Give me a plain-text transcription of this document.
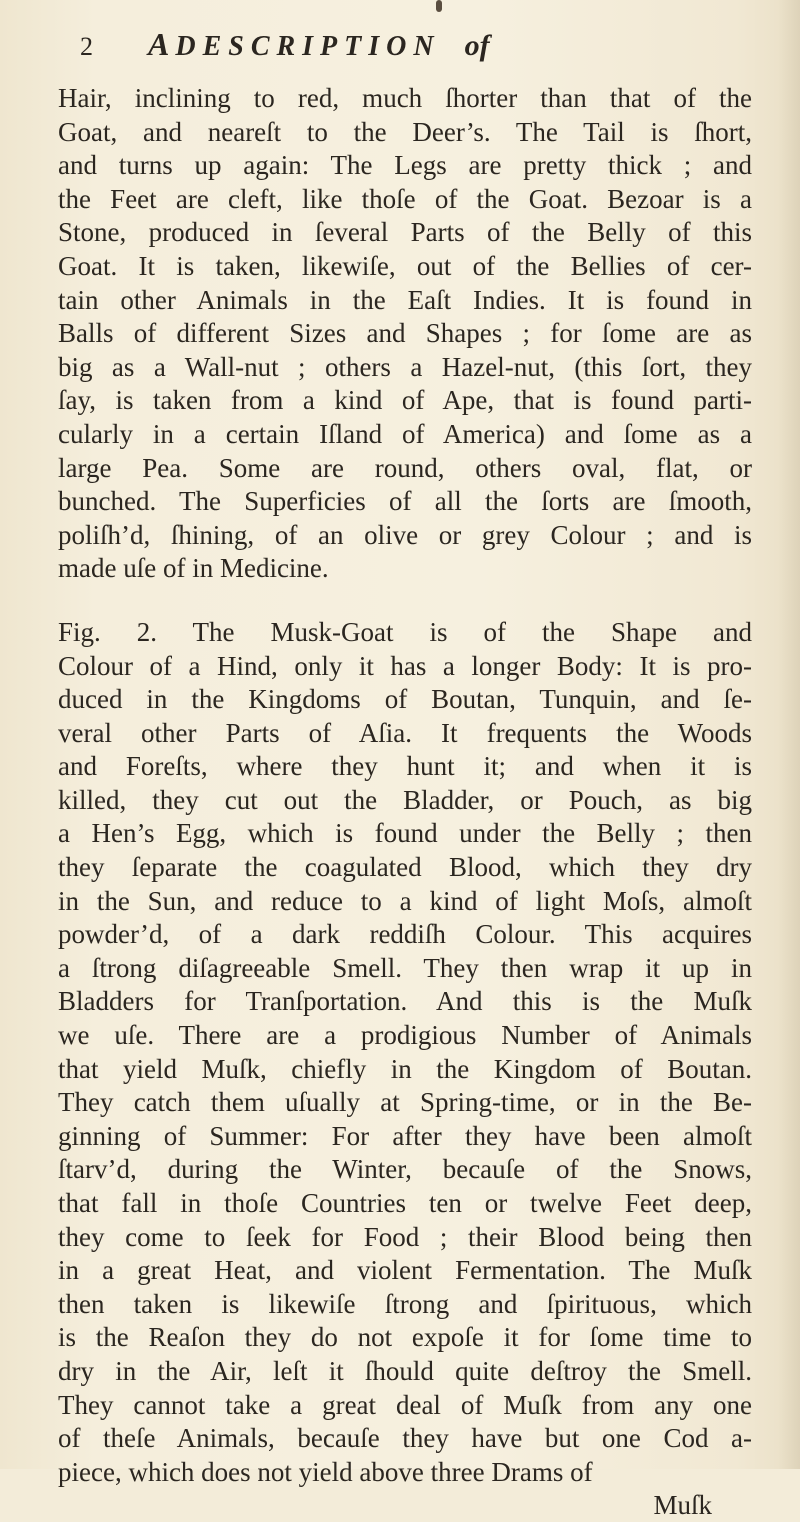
2	ADESCRIPTION of
Hair, inclining to red, much ſhorter than that of the
Goat, and neareſt to the Deer’s. The Tail is ſhort,
and turns up again: The Legs are pretty thick ; and
the Feet are cleft, like thoſe of the Goat. Bezoar is a
Stone, produced in ſeveral Parts of the Belly of this
Goat. It is taken, likewiſe, out of the Bellies of cer-
tain other Animals in the Eaſt Indies. It is found in
Balls of different Sizes and Shapes ; for ſome are as
big as a Wall-nut ; others a Hazel-nut, (this ſort, they
ſay, is taken from a kind of Ape, that is found parti-
cularly in a certain Iſland of America) and ſome as a
large Pea. Some are round, others oval, flat, or
bunched. The Superficies of all the ſorts are ſmooth,
poliſh’d, ſhining, of an olive or grey Colour ; and is
made uſe of in Medicine.
Fig. 2. The Musk-Goat is of the Shape and
Colour of a Hind, only it has a longer Body: It is pro-
duced in the Kingdoms of Boutan, Tunquin, and ſe-
veral other Parts of Aſia. It frequents the Woods
and Foreſts, where they hunt it; and when it is
killed, they cut out the Bladder, or Pouch, as big
a Hen’s Egg, which is found under the Belly ; then
they ſeparate the coagulated Blood, which they dry
in the Sun, and reduce to a kind of light Moſs, almoſt
powder’d, of a dark reddiſh Colour. This acquires
a ſtrong diſagreeable Smell. They then wrap it up in
Bladders for Tranſportation. And this is the Muſk
we uſe. There are a prodigious Number of Animals
that yield Muſk, chiefly in the Kingdom of Boutan.
They catch them uſually at Spring-time, or in the Be-
ginning of Summer: For after they have been almoſt
ſtarv’d, during the Winter, becauſe of the Snows,
that fall in thoſe Countries ten or twelve Feet deep,
they come to ſeek for Food ; their Blood being then
in a great Heat, and violent Fermentation. The Muſk
then taken is likewiſe ſtrong and ſpirituous, which
is the Reaſon they do not expoſe it for ſome time to
dry in the Air, leſt it ſhould quite deſtroy the Smell.
They cannot take a great deal of Muſk from any one
of theſe Animals, becauſe they have but one Cod a-
piece, which does not yield above three Drams of
Muſk
